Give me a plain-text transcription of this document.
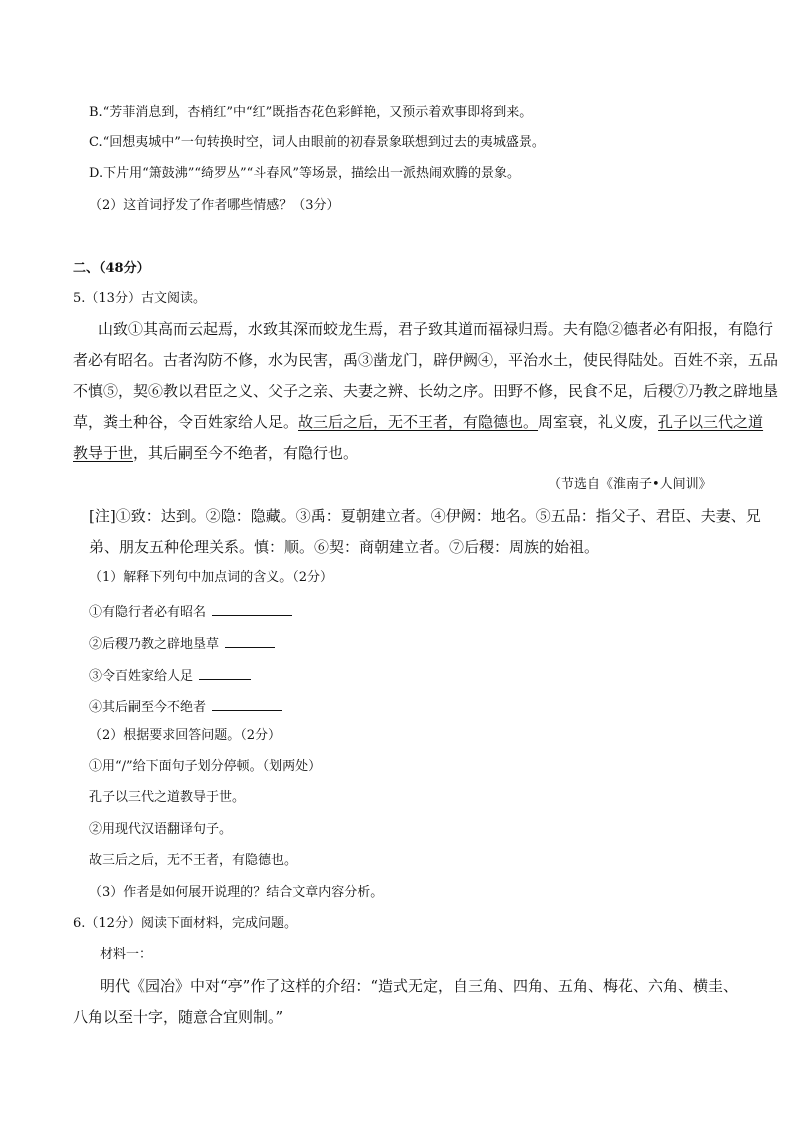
B.“芳菲消息到，杏梢红”中“红”既指杏花色彩鲜艳，又预示着欢事即将到来。
C.“回想夷城中”一句转换时空，词人由眼前的初春景象联想到过去的夷城盛景。
D.下片用“箫鼓沸”“绮罗丛”“斗春风”等场景，描绘出一派热闹欢腾的景象。
（2）这首词抒发了作者哪些情感？（3分）
二、（48分）
5.（13分）古文阅读。
山致①其高而云起焉，水致其深而蛟龙生焉，君子致其道而福禄归焉。夫有隐②德者必有阳报，有隐行
者必有昭名。古者沟防不修，水为民害，禹③凿龙门，辟伊阙④，平治水土，使民得陆处。百姓不亲，五品
不慎⑤，契⑥教以君臣之义、父子之亲、夫妻之辨、长幼之序。田野不修，民食不足，后稷⑦乃教之辟地垦
草，粪土种谷，令百姓家给人足。故三后之后，无不王者，有隐德也。周室衰，礼义废，孔子以三代之道
教导于世，其后嗣至今不绝者，有隐行也。
（节选自《淮南子•人间训》
[注]①致：达到。②隐：隐藏。③禹：夏朝建立者。④伊阙：地名。⑤五品：指父子、君臣、夫妻、兄
弟、朋友五种伦理关系。慎：顺。⑥契：商朝建立者。⑦后稷：周族的始祖。
（1）解释下列句中加点词的含义。（2分）
①有隐行者必有昭名
②后稷乃教之辟地垦草
③令百姓家给人足
④其后嗣至今不绝者
（2）根据要求回答问题。（2分）
①用“/”给下面句子划分停顿。（划两处）
孔子以三代之道教导于世。
②用现代汉语翻译句子。
故三后之后，无不王者，有隐德也。
（3）作者是如何展开说理的？结合文章内容分析。
6.（12分）阅读下面材料，完成问题。
材料一：
明代《园冶》中对“亭”作了这样的介绍：“造式无定，自三角、四角、五角、梅花、六角、横圭、
八角以至十字，随意合宜则制。”
